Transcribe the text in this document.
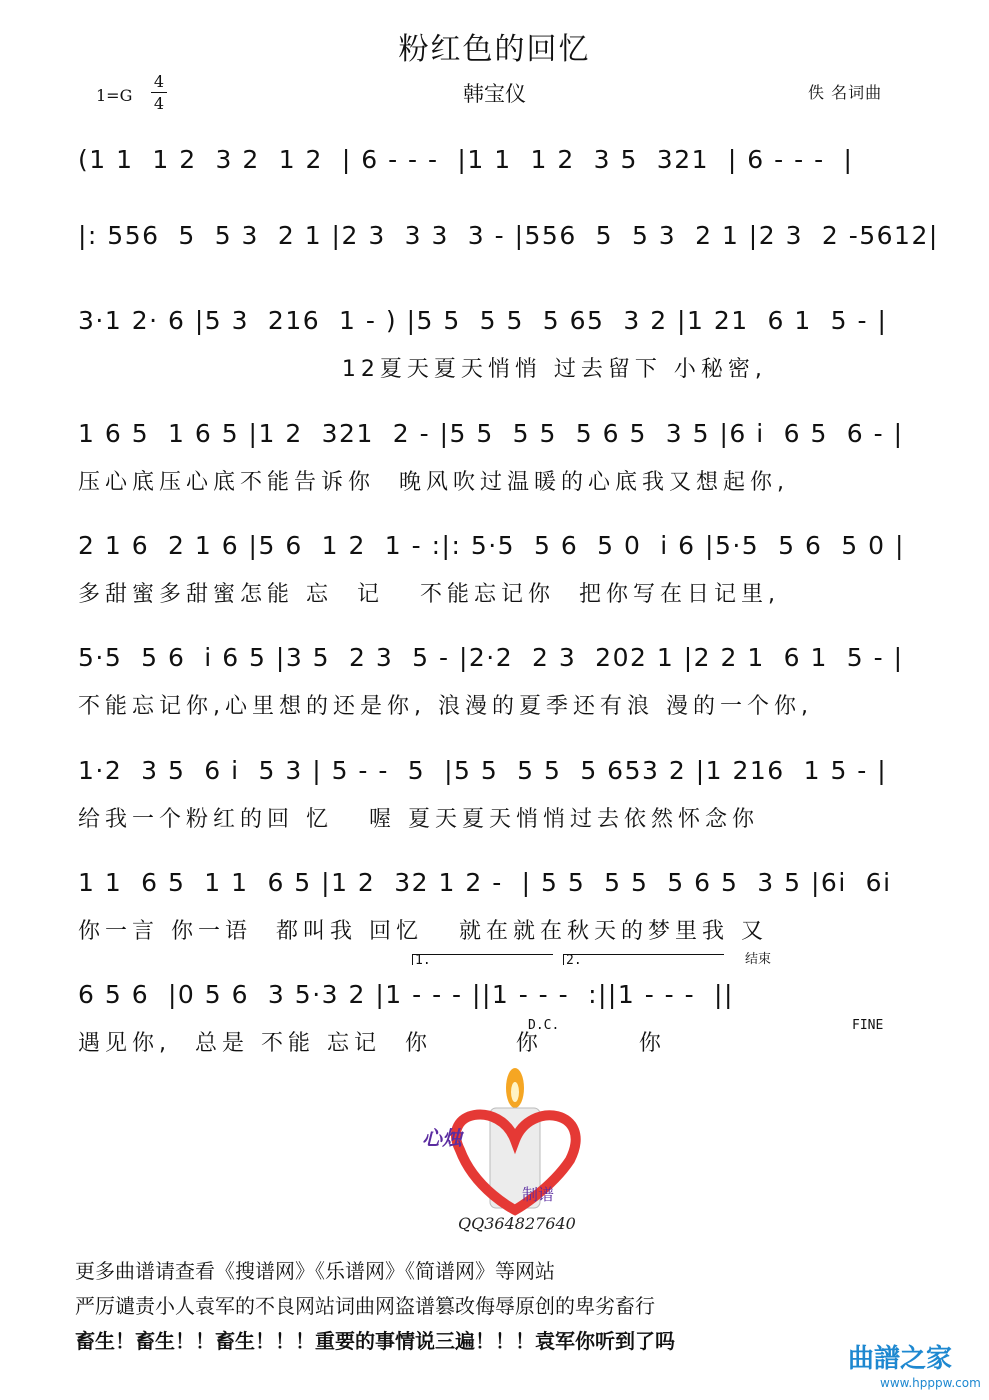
粉红色的回忆
1=G
4
4	韩宝仪	佚 名词曲
(1 1  1 2  3 2  1 2  | 6 - - -  |1 1  1 2  3 5  321  | 6 - - -  |
|: 556  5  5 3  2 1 |2 3  3 3  3 - |556  5  5 3  2 1 |2 3  2 -5612|
3·1 2· 6 |5 3  216  1 - ) |5 5  5 5  5 65  3 2 |1 21  6 1  5 - |
12夏天夏天悄悄 过去留下 小秘密,
1 6 5  1 6 5 |1 2  321  2 - |5 5  5 5  5 6 5  3 5 |6 i  6 5  6 - |
压心底压心底不能告诉你  晚风吹过温暖的心底我又想起你,
2 1 6  2 1 6 |5 6  1 2  1 - :|: 5·5  5 6  5 0  i 6 |5·5  5 6  5 0 |
多甜蜜多甜蜜怎能 忘  记   不能忘记你  把你写在日记里,
5·5  5 6  i 6 5 |3 5  2 3  5 - |2·2  2 3  202 1 |2 2 1  6 1  5 - |
不能忘记你,心里想的还是你, 浪漫的夏季还有浪 漫的一个你,
1·2  3 5  6 i  5 3 | 5 - -  5  |5 5  5 5  5 653 2 |1 216  1 5 - |
给我一个粉红的回 忆   喔 夏天夏天悄悄过去依然怀念你
1 1  6 5  1 1  6 5 |1 2  32 1 2 -  | 5 5  5 5  5 6 5  3 5 |6i  6i
你一言 你一语  都叫我 回忆   就在就在秋天的梦里我 又
6 5 6  |0 5 6  3 5·3 2 |1 - - - ||1 - - -  :||1 - - -  ||
遇见你,  总是 不能 忘记  你       你        你
1.	2.	结束
D.C.	FINE
心烛
制谱
QQ364827640
更多曲谱请查看《搜谱网》《乐谱网》《简谱网》等网站
严厉谴责小人袁军的不良网站词曲网盗谱篡改侮辱原创的卑劣畜行
畜生！畜生！！畜生！！！重要的事情说三遍！！！袁军你听到了吗
曲譜之家
www.hpppw.com
